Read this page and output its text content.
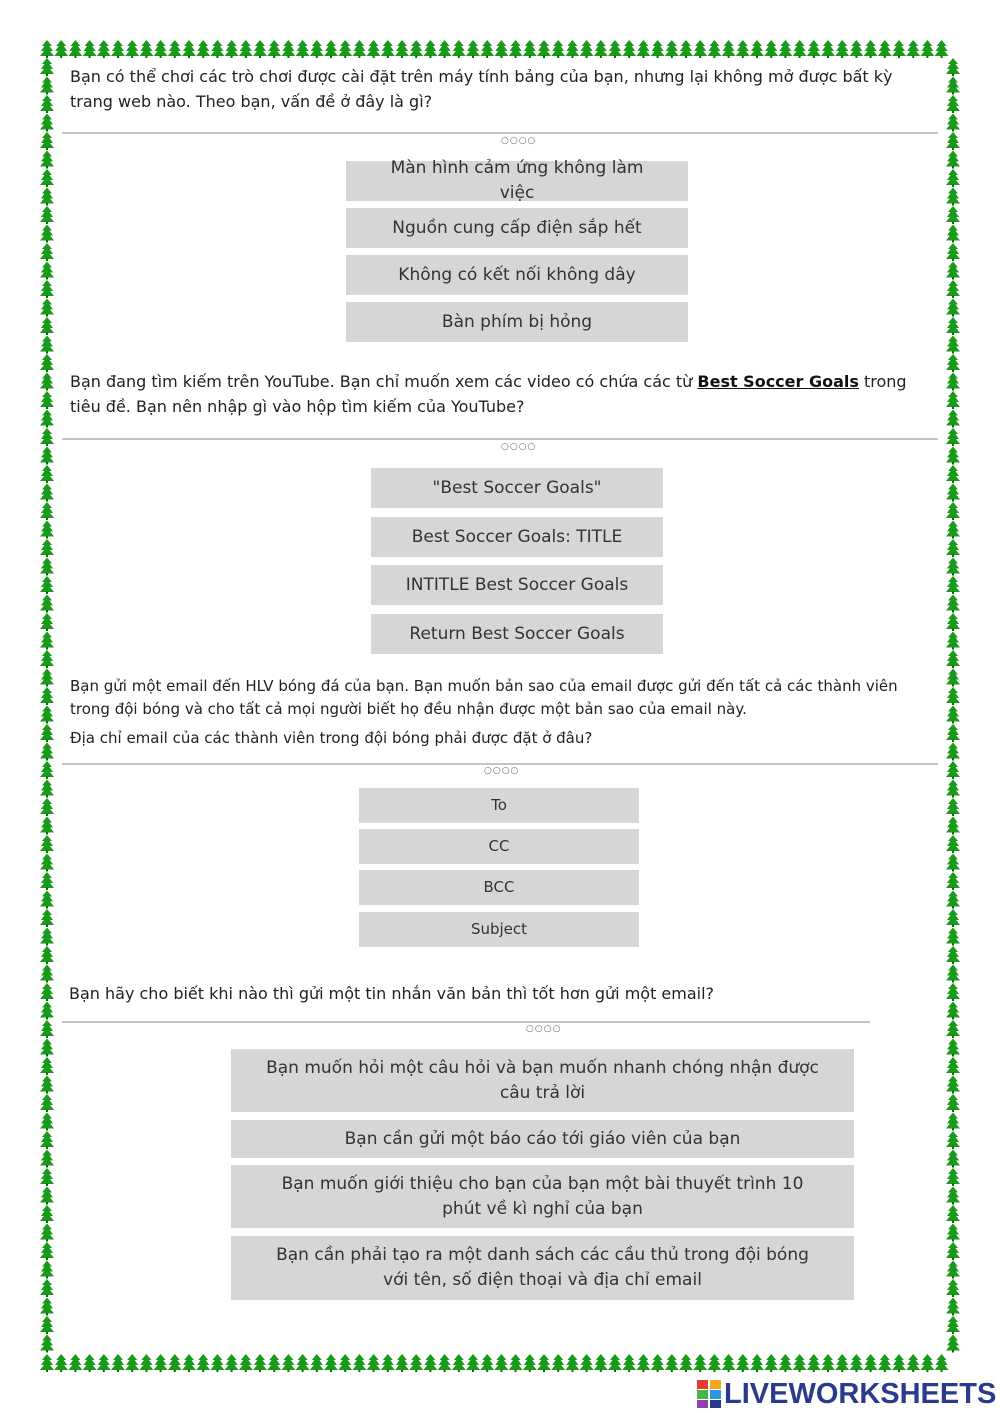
Bạn có thể chơi các trò chơi được cài đặt trên máy tính bảng của bạn, nhưng lại không mở được bất kỳ trang web nào. Theo bạn, vấn đề ở đây là gì?
○○○○
Màn hình cảm ứng không làm việc
Nguồn cung cấp điện sắp hết
Không có kết nối không dây
Bàn phím bị hỏng
Bạn đang tìm kiếm trên YouTube. Bạn chỉ muốn xem các video có chứa các từ Best Soccer Goals trong tiêu đề. Bạn nên nhập gì vào hộp tìm kiếm của YouTube?
○○○○
"Best Soccer Goals"
Best Soccer Goals: TITLE
INTITLE Best Soccer Goals
Return Best Soccer Goals
Bạn gửi một email đến HLV bóng đá của bạn. Bạn muốn bản sao của email được gửi đến tất cả các thành viên trong đội bóng và cho tất cả mọi người biết họ đều nhận được một bản sao của email này.
Địa chỉ email của các thành viên trong đội bóng phải được đặt ở đâu?
○○○○
To
CC
BCC
Subject
Bạn hãy cho biết khi nào thì gửi một tin nhắn văn bản thì tốt hơn gửi một email?
○○○○
Bạn muốn hỏi một câu hỏi và bạn muốn nhanh chóng nhận được câu trả lời
Bạn cần gửi một báo cáo tới giáo viên của bạn
Bạn muốn giới thiệu cho bạn của bạn một bài thuyết trình 10 phút về kì nghỉ của bạn
Bạn cần phải tạo ra một danh sách các cầu thủ trong đội bóng với tên, số điện thoại và địa chỉ email
LIVEWORKSHEETS
